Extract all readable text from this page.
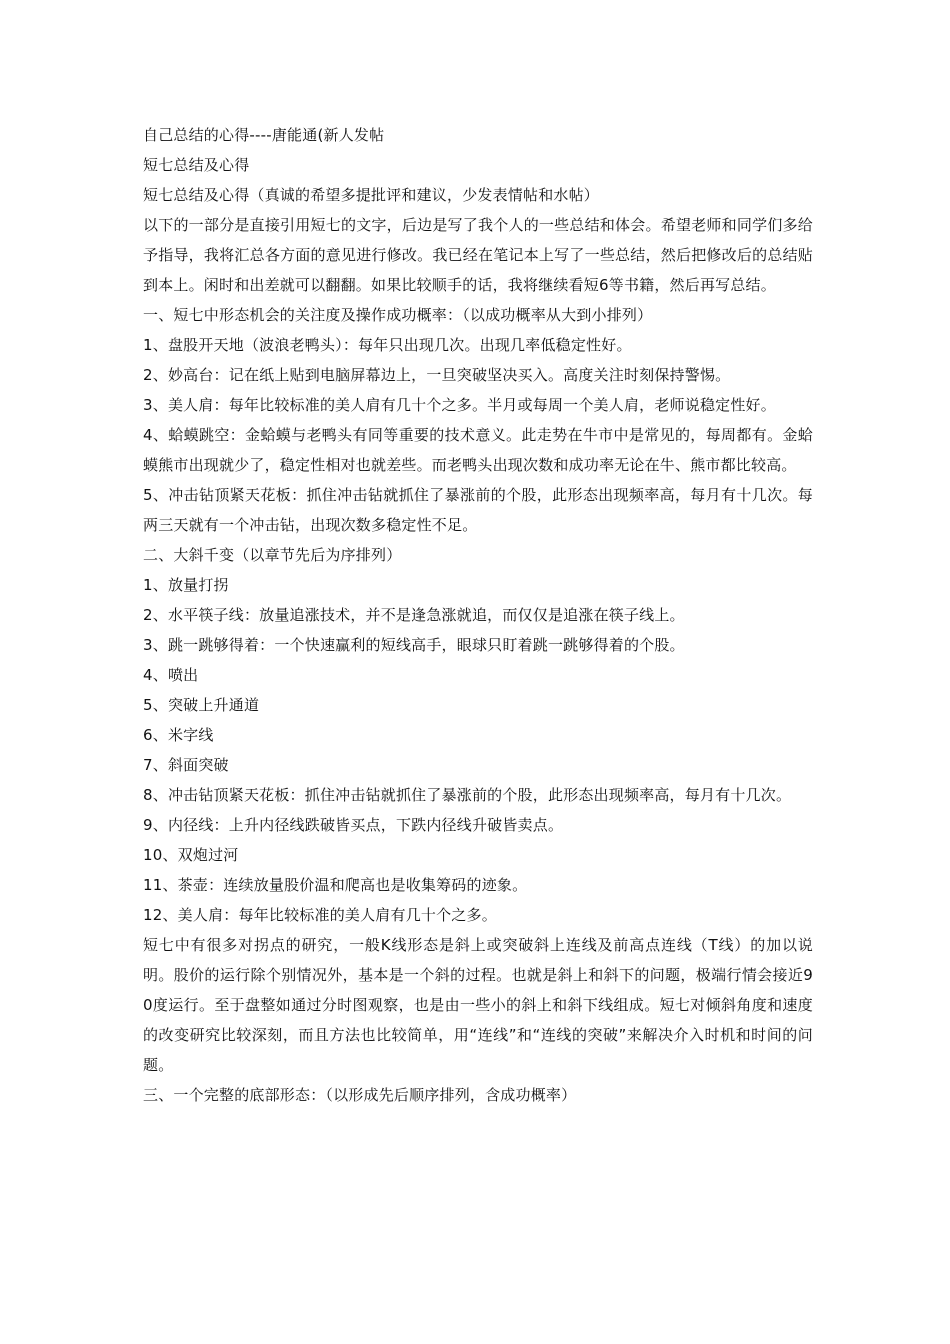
自己总结的心得----唐能通(新人发帖

短七总结及心得

短七总结及心得（真诚的希望多提批评和建议，少发表情帖和水帖）

以下的一部分是直接引用短七的文字，后边是写了我个人的一些总结和体会。希望老师和同学们多给予指导，我将汇总各方面的意见进行修改。我已经在笔记本上写了一些总结，然后把修改后的总结贴到本上。闲时和出差就可以翻翻。如果比较顺手的话，我将继续看短6等书籍，然后再写总结。

一、短七中形态机会的关注度及操作成功概率：（以成功概率从大到小排列）

1、盘股开天地（波浪老鸭头）：每年只出现几次。出现几率低稳定性好。

2、妙高台：记在纸上贴到电脑屏幕边上，一旦突破坚决买入。高度关注时刻保持警惕。

3、美人肩：每年比较标准的美人肩有几十个之多。半月或每周一个美人肩，老师说稳定性好。

4、蛤蟆跳空：金蛤蟆与老鸭头有同等重要的技术意义。此走势在牛市中是常见的，每周都有。金蛤蟆熊市出现就少了，稳定性相对也就差些。而老鸭头出现次数和成功率无论在牛、熊市都比较高。

5、冲击钻顶紧天花板：抓住冲击钻就抓住了暴涨前的个股，此形态出现频率高，每月有十几次。每两三天就有一个冲击钻，出现次数多稳定性不足。

二、大斜千变（以章节先后为序排列）

1、放量打拐

2、水平筷子线：放量追涨技术，并不是逢急涨就追，而仅仅是追涨在筷子线上。

3、跳一跳够得着：一个快速赢利的短线高手，眼球只盯着跳一跳够得着的个股。

4、喷出

5、突破上升通道

6、米字线

7、斜面突破

8、冲击钻顶紧天花板：抓住冲击钻就抓住了暴涨前的个股，此形态出现频率高，每月有十几次。

9、内径线：上升内径线跌破皆买点，下跌内径线升破皆卖点。

10、双炮过河

11、茶壶：连续放量股价温和爬高也是收集筹码的迹象。

12、美人肩：每年比较标准的美人肩有几十个之多。

短七中有很多对拐点的研究，一般K线形态是斜上或突破斜上连线及前高点连线（T线）的加以说明。股价的运行除个别情况外，基本是一个斜的过程。也就是斜上和斜下的问题，极端行情会接近90度运行。至于盘整如通过分时图观察，也是由一些小的斜上和斜下线组成。短七对倾斜角度和速度的改变研究比较深刻，而且方法也比较简单，用“连线”和“连线的突破”来解决介入时机和时间的问题。

三、一个完整的底部形态：（以形成先后顺序排列，含成功概率）
